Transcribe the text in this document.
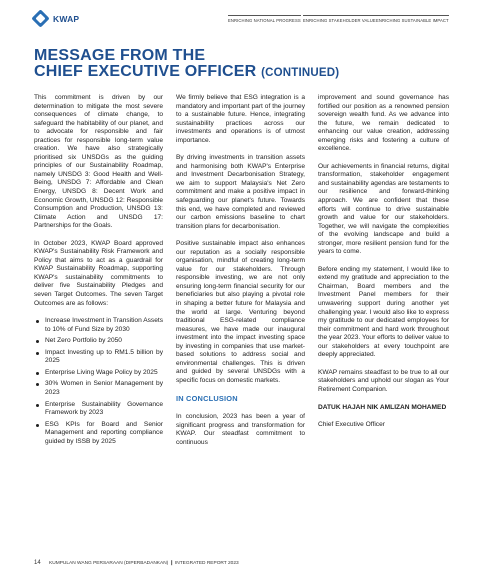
KWAP	ENRICHING NATIONAL PROGRESS ENRICHING STAKEHOLDER VALUE ENRICHING SUSTAINABLE IMPACT
MESSAGE FROM THE
CHIEF EXECUTIVE OFFICER (CONTINUED)

This commitment is driven by our determination to mitigate the most severe consequences of climate change, to safeguard the habitability of our planet, and to advocate for responsible and fair practices for responsible long-term value creation. We have also strategically prioritised six UNSDGs as the guiding principles of our Sustainability Roadmap, namely UNSDG 3: Good Health and Well-Being, UNSDG 7: Affordable and Clean Energy, UNSDG 8: Decent Work and Economic Growth, UNSDG 12: Responsible Consumption and Production, UNSDG 13: Climate Action and UNSDG 17: Partnerships for the Goals.

In October 2023, KWAP Board approved KWAP's Sustainability Risk Framework and Policy that aims to act as a guardrail for KWAP Sustainability Roadmap, supporting KWAP's sustainability commitments to deliver five Sustainability Pledges and seven Target Outcomes. The seven Target Outcomes are as follows:

Increase Investment in Transition Assets to 10% of Fund Size by 2030
Net Zero Portfolio by 2050
Impact Investing up to RM1.5 billion by 2025
Enterprise Living Wage Policy by 2025
30% Women in Senior Management by 2023
Enterprise Sustainability Governance Framework by 2023
ESG KPIs for Board and Senior Management and reporting compliance guided by ISSB by 2025

We firmly believe that ESG integration is a mandatory and important part of the journey to a sustainable future. Hence, integrating sustainability practices across our investments and operations is of utmost importance.

By driving investments in transition assets and harmonising both KWAP's Enterprise and Investment Decarbonisation Strategy, we aim to support Malaysia's Net Zero commitment and make a positive impact in safeguarding our planet's future. Towards this end, we have completed and reviewed our carbon emissions baseline to chart transition plans for decarbonisation.

Positive sustainable impact also enhances our reputation as a socially responsible organisation, mindful of creating long-term value for our stakeholders. Through responsible investing, we are not only ensuring long-term financial security for our beneficiaries but also playing a pivotal role in shaping a better future for Malaysia and the world at large. Venturing beyond traditional ESG-related compliance measures, we have made our inaugural investment into the impact investing space by investing in companies that use market-based solutions to address social and environmental challenges. This is driven and guided by several UNSDGs with a specific focus on domestic markets.

IN CONCLUSION

In conclusion, 2023 has been a year of significant progress and transformation for KWAP. Our steadfast commitment to continuous

improvement and sound governance has fortified our position as a renowned pension sovereign wealth fund. As we advance into the future, we remain dedicated to enhancing our value creation, addressing emerging risks and fostering a culture of excellence.

Our achievements in financial returns, digital transformation, stakeholder engagement and sustainability agendas are testaments to our resilience and forward-thinking approach. We are confident that these efforts will continue to drive sustainable growth and value for our stakeholders. Together, we will navigate the complexities of the evolving landscape and build a stronger, more resilient pension fund for the years to come.

Before ending my statement, I would like to extend my gratitude and appreciation to the Chairman, Board members and the Investment Panel members for their unwavering support during another yet challenging year. I would also like to express my gratitude to our dedicated employees for their commitment and hard work throughout the year 2023. Your efforts to deliver value to our stakeholders at every touchpoint are deeply appreciated.

KWAP remains steadfast to be true to all our stakeholders and uphold our slogan as Your Retirement Companion.

DATUK HAJAH NIK AMLIZAN MOHAMED

Chief Executive Officer

14 KUMPULAN WANG PERSARAAN (DIPERBADANKAN) ❙ INTEGRATED REPORT 2023
